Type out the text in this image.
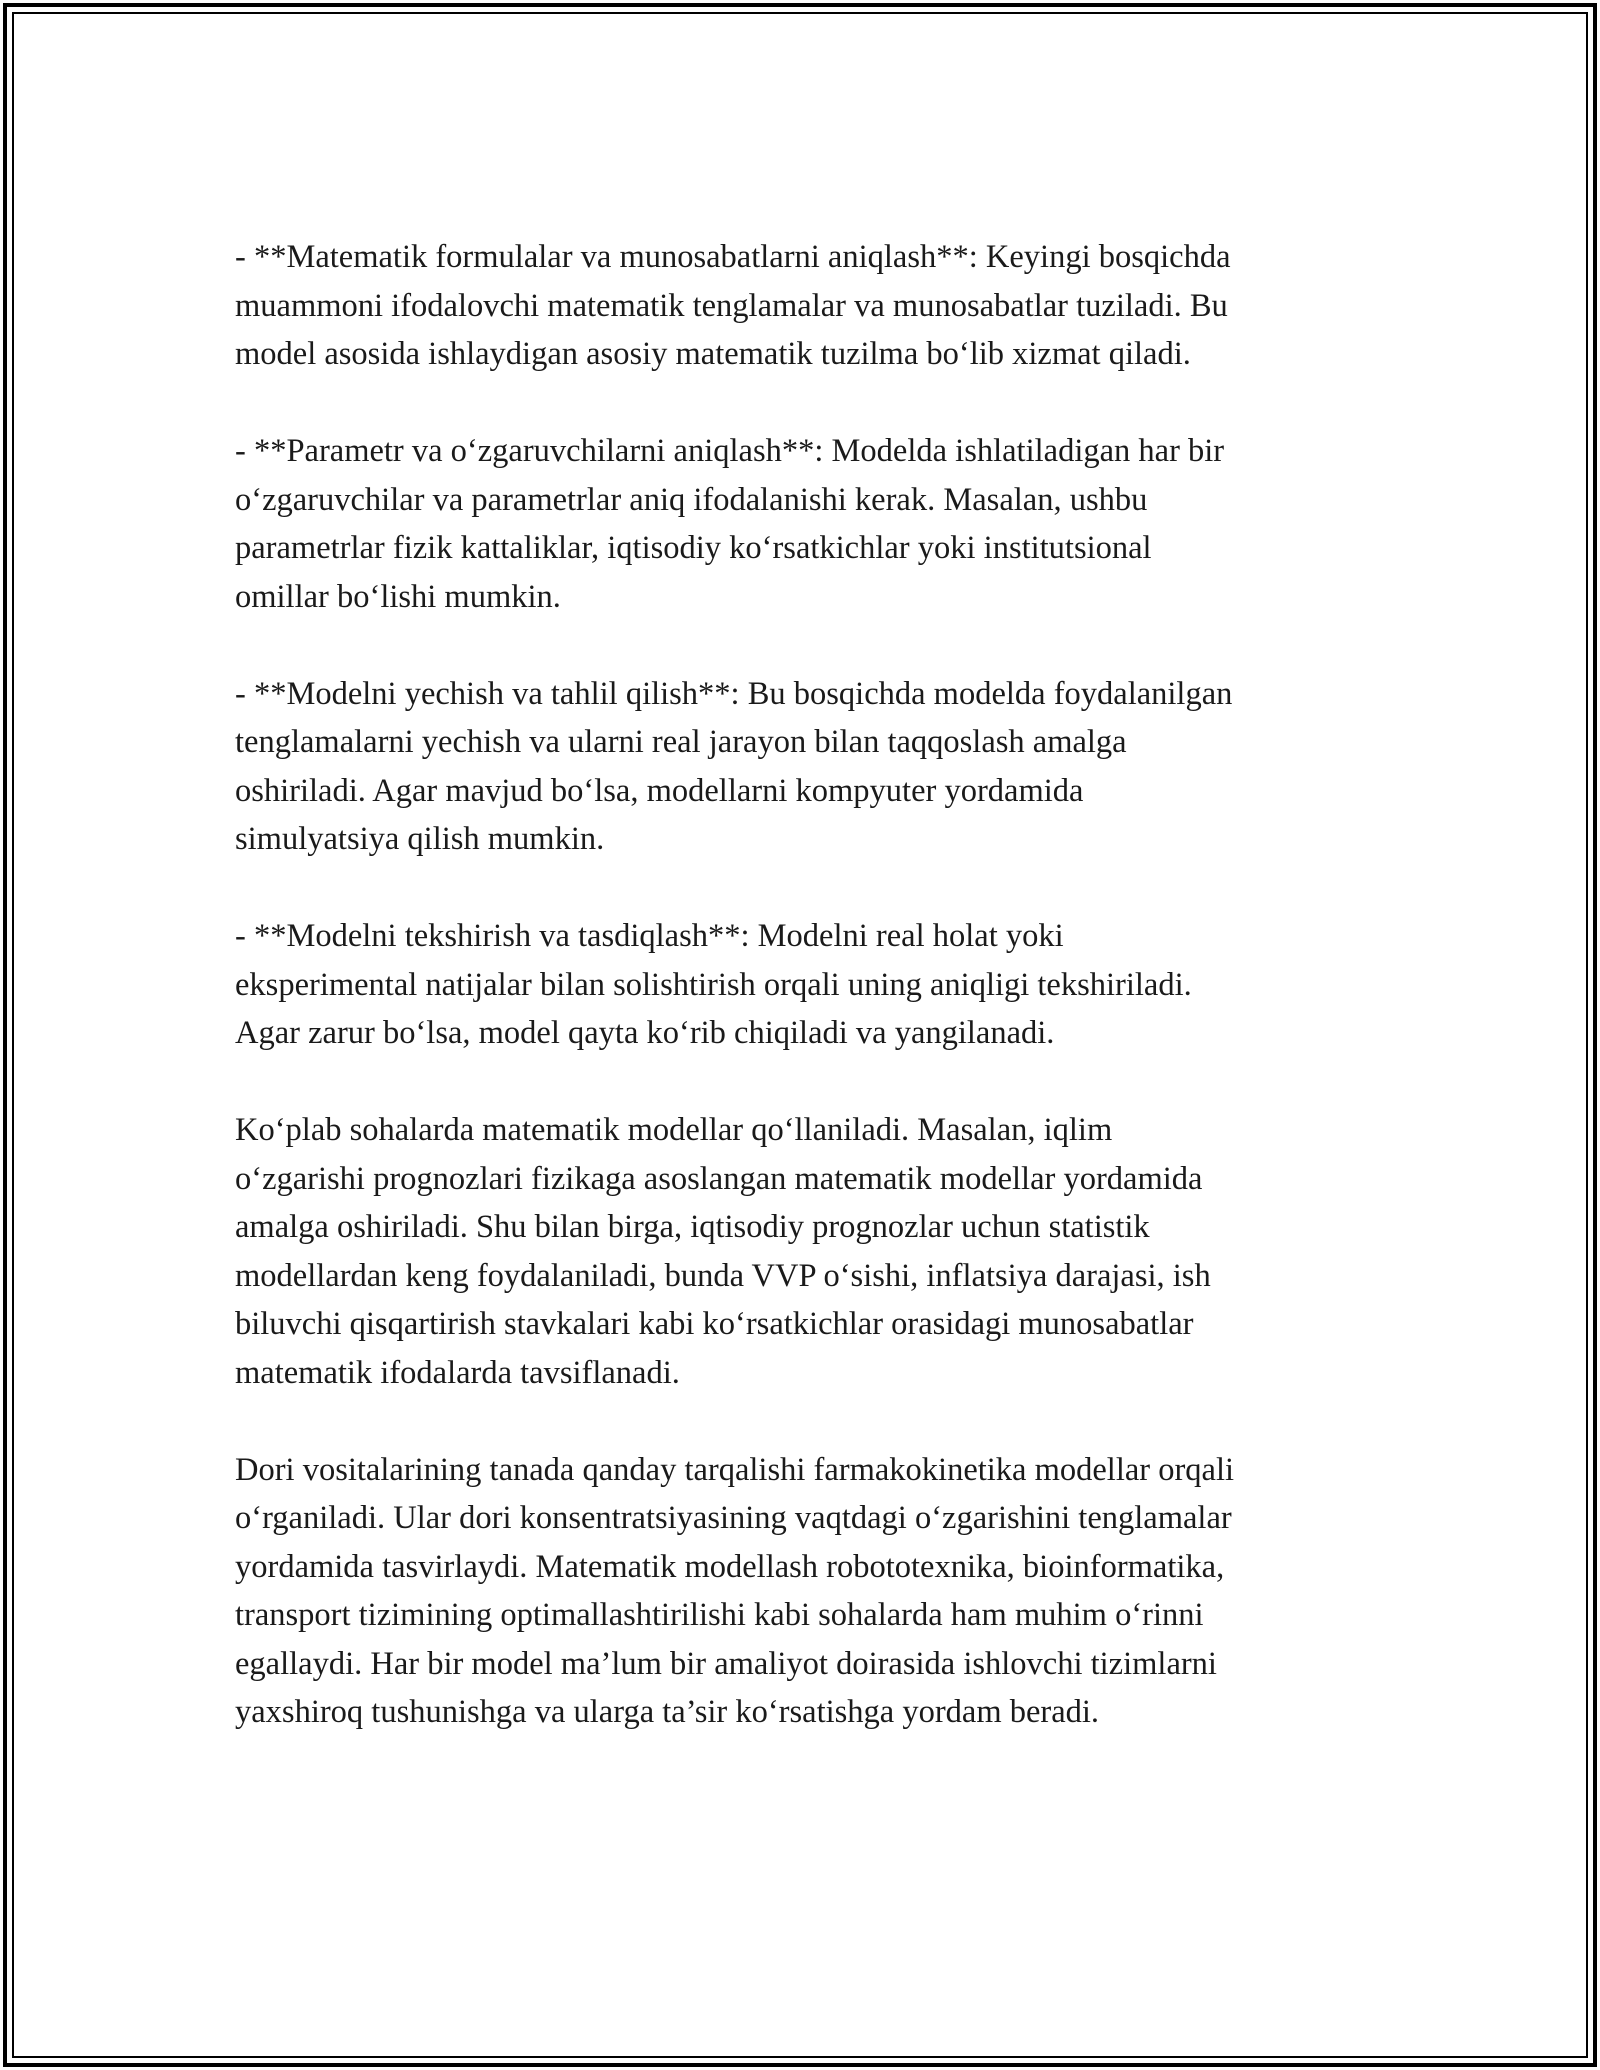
- **Matematik formulalar va munosabatlarni aniqlash**: Keyingi bosqichda
muammoni ifodalovchi matematik tenglamalar va munosabatlar tuziladi. Bu
model asosida ishlaydigan asosiy matematik tuzilma bo‘lib xizmat qiladi.

- **Parametr va o‘zgaruvchilarni aniqlash**: Modelda ishlatiladigan har bir
o‘zgaruvchilar va parametrlar aniq ifodalanishi kerak. Masalan, ushbu
parametrlar fizik kattaliklar, iqtisodiy ko‘rsatkichlar yoki institutsional
omillar bo‘lishi mumkin.

- **Modelni yechish va tahlil qilish**: Bu bosqichda modelda foydalanilgan
tenglamalarni yechish va ularni real jarayon bilan taqqoslash amalga
oshiriladi. Agar mavjud bo‘lsa, modellarni kompyuter yordamida
simulyatsiya qilish mumkin.

- **Modelni tekshirish va tasdiqlash**: Modelni real holat yoki
eksperimental natijalar bilan solishtirish orqali uning aniqligi tekshiriladi.
Agar zarur bo‘lsa, model qayta ko‘rib chiqiladi va yangilanadi.

Ko‘plab sohalarda matematik modellar qo‘llaniladi. Masalan, iqlim
o‘zgarishi prognozlari fizikaga asoslangan matematik modellar yordamida
amalga oshiriladi. Shu bilan birga, iqtisodiy prognozlar uchun statistik
modellardan keng foydalaniladi, bunda VVP o‘sishi, inflatsiya darajasi, ish
biluvchi qisqartirish stavkalari kabi ko‘rsatkichlar orasidagi munosabatlar
matematik ifodalarda tavsiflanadi.

Dori vositalarining tanada qanday tarqalishi farmakokinetika modellar orqali
o‘rganiladi. Ular dori konsentratsiyasining vaqtdagi o‘zgarishini tenglamalar
yordamida tasvirlaydi. Matematik modellash robototexnika, bioinformatika,
transport tizimining optimallashtirilishi kabi sohalarda ham muhim o‘rinni
egallaydi. Har bir model ma’lum bir amaliyot doirasida ishlovchi tizimlarni
yaxshiroq tushunishga va ularga ta’sir ko‘rsatishga yordam beradi.
